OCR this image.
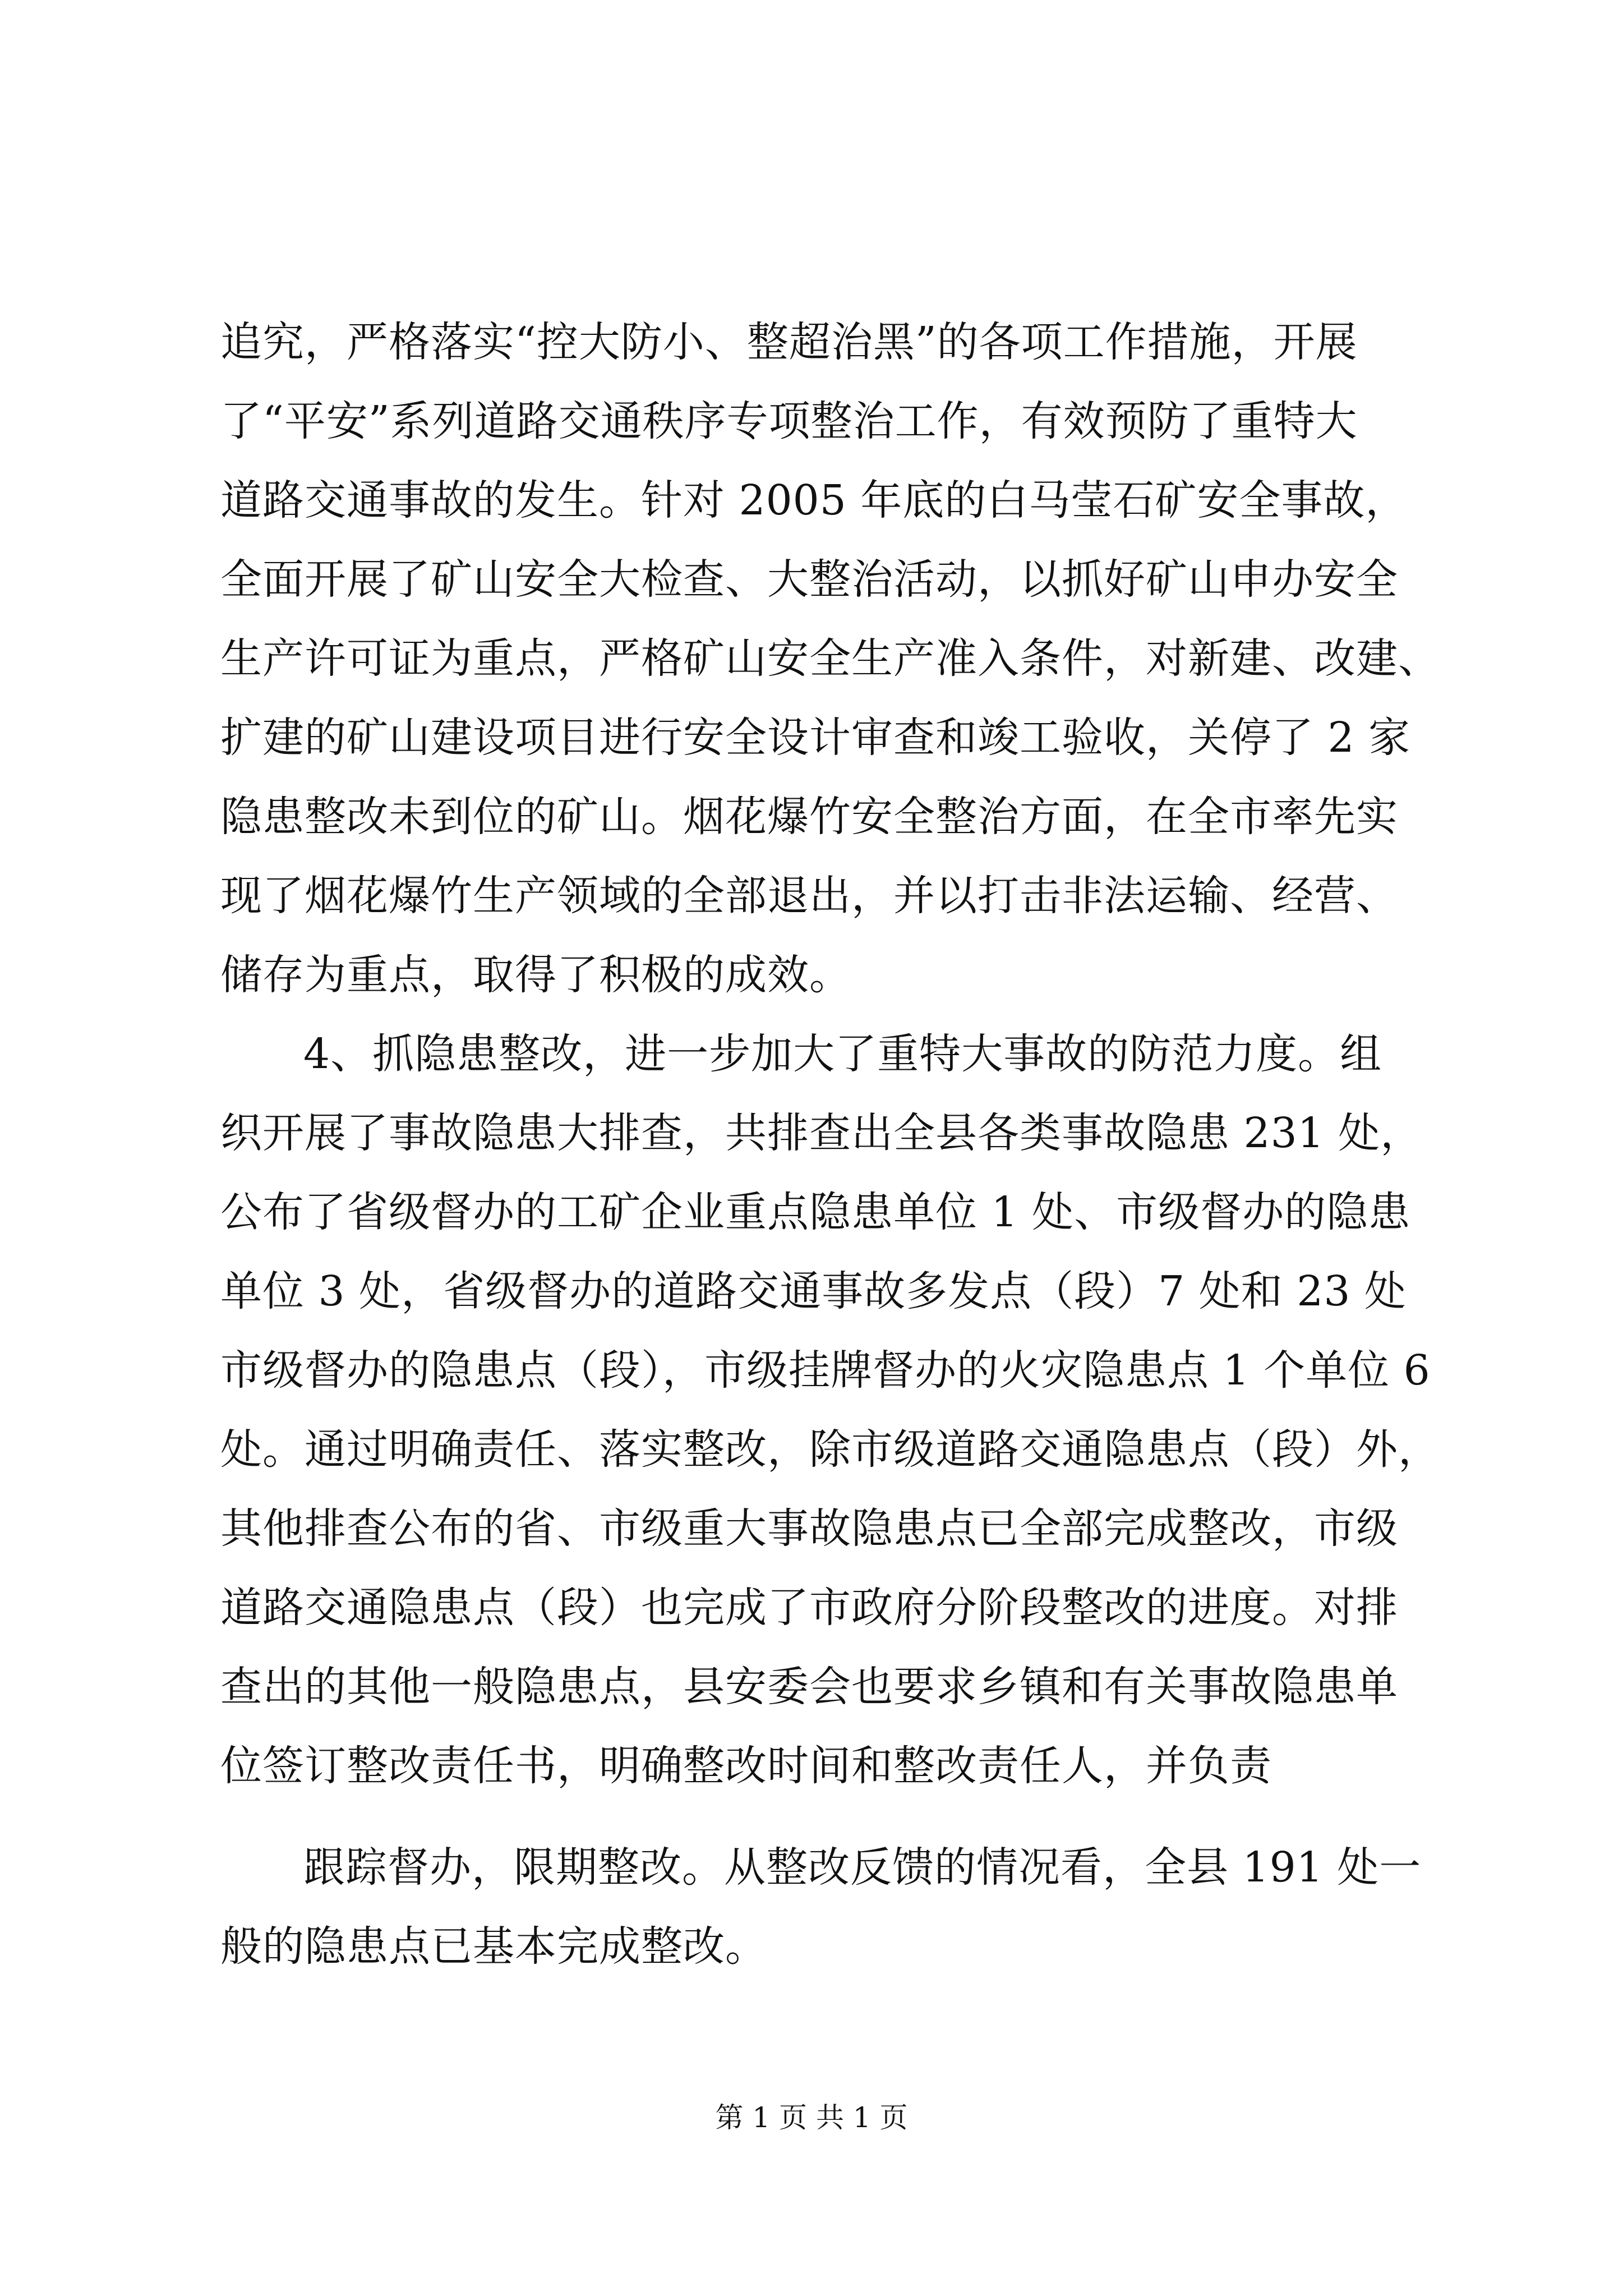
追究，严格落实“控大防小、整超治黑”的各项工作措施，开展
了“平安”系列道路交通秩序专项整治工作，有效预防了重特大
道路交通事故的发生。针对 2005 年底的白马莹石矿安全事故，
全面开展了矿山安全大检查、大整治活动，以抓好矿山申办安全
生产许可证为重点，严格矿山安全生产准入条件，对新建、改建、
扩建的矿山建设项目进行安全设计审查和竣工验收，关停了 2 家
隐患整改未到位的矿山。烟花爆竹安全整治方面，在全市率先实
现了烟花爆竹生产领域的全部退出，并以打击非法运输、经营、
储存为重点，取得了积极的成效。
4、抓隐患整改，进一步加大了重特大事故的防范力度。组
织开展了事故隐患大排查，共排查出全县各类事故隐患 231 处，
公布了省级督办的工矿企业重点隐患单位 1 处、市级督办的隐患
单位 3 处，省级督办的道路交通事故多发点（段）7 处和 23 处
市级督办的隐患点（段），市级挂牌督办的火灾隐患点 1 个单位 6
处。通过明确责任、落实整改，除市级道路交通隐患点（段）外，
其他排查公布的省、市级重大事故隐患点已全部完成整改，市级
道路交通隐患点（段）也完成了市政府分阶段整改的进度。对排
查出的其他一般隐患点，县安委会也要求乡镇和有关事故隐患单
位签订整改责任书，明确整改时间和整改责任人，并负责
跟踪督办，限期整改。从整改反馈的情况看，全县 191 处一
般的隐患点已基本完成整改。
第 1 页 共 1 页
